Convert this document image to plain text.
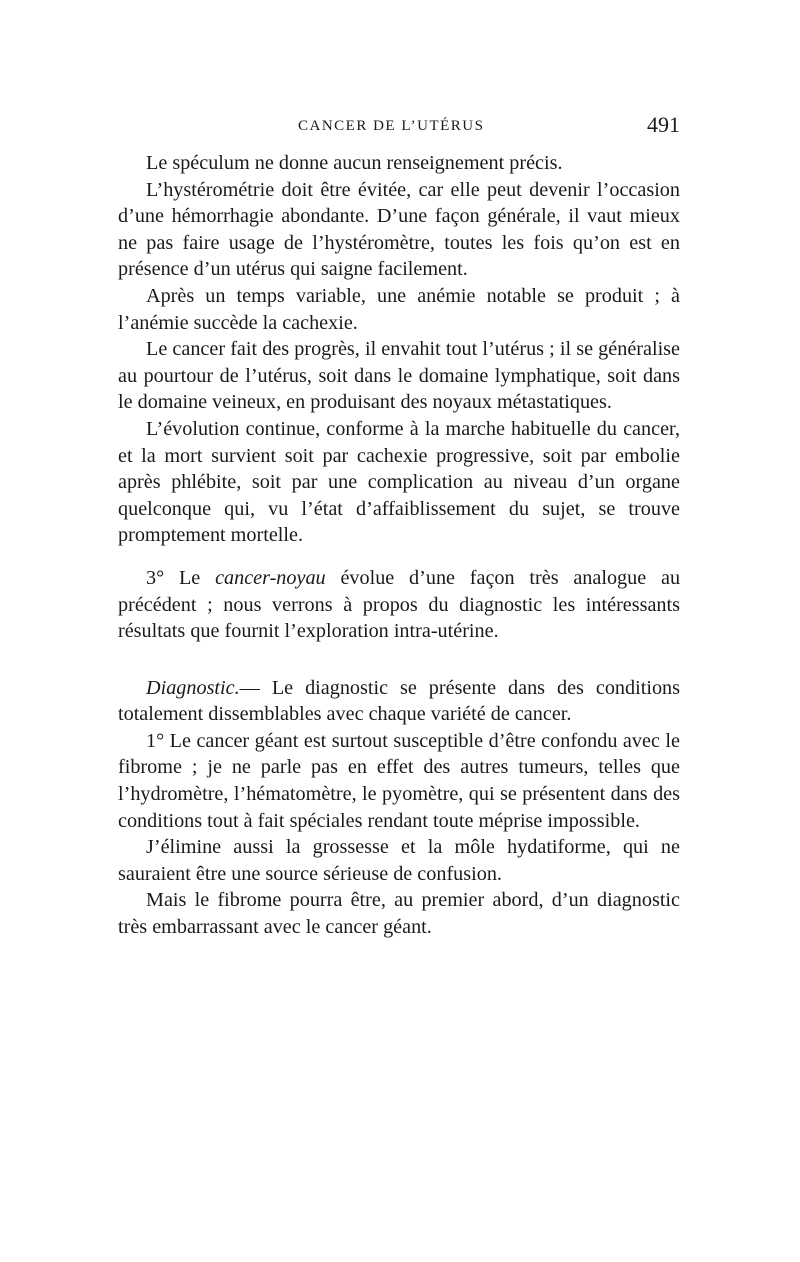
CANCER DE L’UTÉRUS	491

Le spéculum ne donne aucun renseignement précis.

L’hystérométrie doit être évitée, car elle peut devenir l’occasion d’une hémorrhagie abondante. D’une façon générale, il vaut mieux ne pas faire usage de l’hystéromètre, toutes les fois qu’on est en présence d’un utérus qui saigne facilement.

Après un temps variable, une anémie notable se produit ; à l’anémie succède la cachexie.

Le cancer fait des progrès, il envahit tout l’utérus ; il se généralise au pourtour de l’utérus, soit dans le domaine lymphatique, soit dans le domaine veineux, en produisant des noyaux métastatiques.

L’évolution continue, conforme à la marche habituelle du cancer, et la mort survient soit par cachexie progressive, soit par embolie après phlébite, soit par une complication au niveau d’un organe quelconque qui, vu l’état d’affaiblissement du sujet, se trouve promptement mortelle.

3° Le cancer-noyau évolue d’une façon très analogue au précédent ; nous verrons à propos du diagnostic les intéressants résultats que fournit l’exploration intra-utérine.

Diagnostic.— Le diagnostic se présente dans des conditions totalement dissemblables avec chaque variété de cancer.

1° Le cancer géant est surtout susceptible d’être confondu avec le fibrome ; je ne parle pas en effet des autres tumeurs, telles que l’hydromètre, l’hématomètre, le pyomètre, qui se présentent dans des conditions tout à fait spéciales rendant toute méprise impossible.

J’élimine aussi la grossesse et la môle hydatiforme, qui ne sauraient être une source sérieuse de confusion.

Mais le fibrome pourra être, au premier abord, d’un diagnostic très embarrassant avec le cancer géant.
